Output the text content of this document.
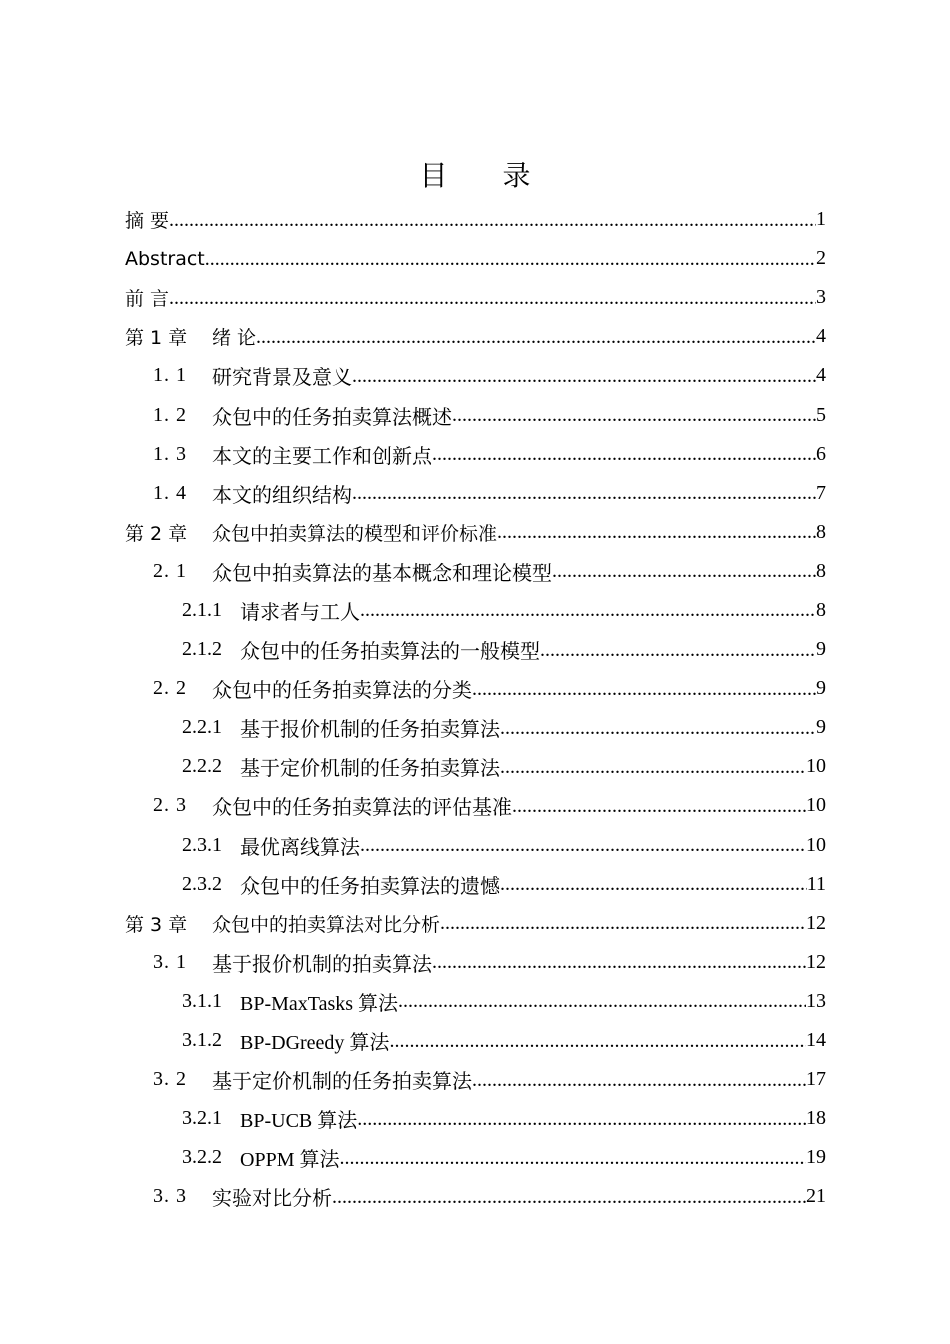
目 录
摘 要 .....	1
Abstract .....	2
前 言 .....	3
第 1 章	绪 论 .....	4
1. 1	研究背景及意义 .....	4
1. 2	众包中的任务拍卖算法概述 .....	5
1. 3	本文的主要工作和创新点 .....	6
1. 4	本文的组织结构 .....	7
第 2 章	众包中拍卖算法的模型和评价标准 .....	8
2. 1	众包中拍卖算法的基本概念和理论模型 .....	8
2.1.1 请求者与工人 .....	8
2.1.2 众包中的任务拍卖算法的一般模型 .....	9
2. 2	众包中的任务拍卖算法的分类 .....	9
2.2.1 基于报价机制的任务拍卖算法 .....	9
2.2.2 基于定价机制的任务拍卖算法 .....	10
2. 3	众包中的任务拍卖算法的评估基准 .....	10
2.3.1 最优离线算法 .....	10
2.3.2 众包中的任务拍卖算法的遗憾 .....	11
第 3 章	众包中的拍卖算法对比分析 .....	12
3. 1	基于报价机制的拍卖算法 .....	12
3.1.1 BP-MaxTasks 算法 .....	13
3.1.2 BP-DGreedy 算法 .....	14
3. 2	基于定价机制的任务拍卖算法 .....	17
3.2.1 BP-UCB 算法 .....	18
3.2.2 OPPM 算法 .....	19
3. 3	实验对比分析 .....	21
